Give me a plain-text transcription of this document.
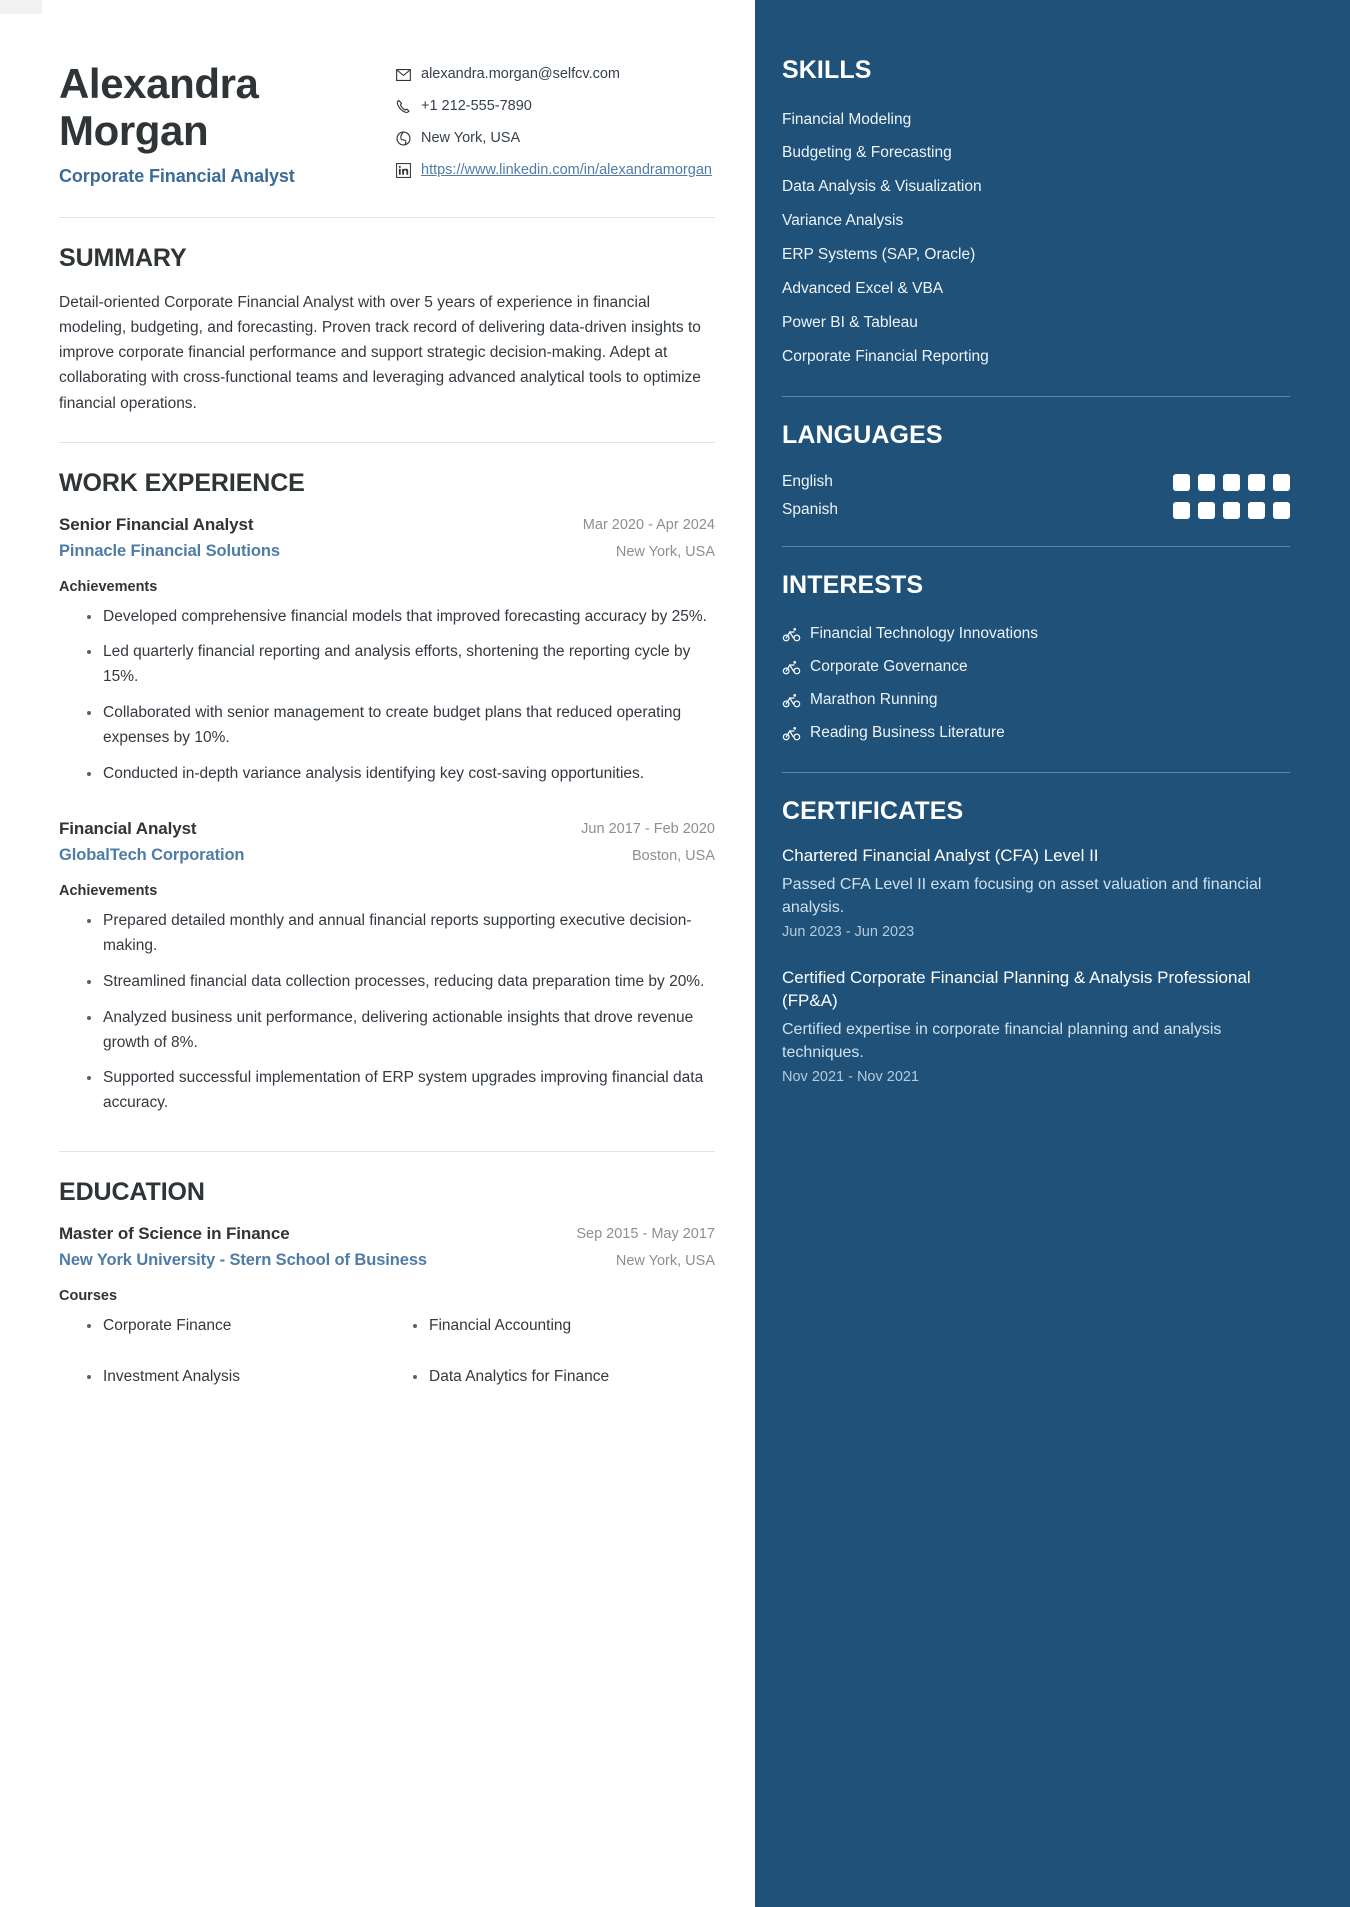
Alexandra
Morgan
Corporate Financial Analyst
alexandra.morgan@selfcv.com
+1 212-555-7890
New York, USA
https://www.linkedin.com/in/alexandramorgan
SUMMARY
Detail-oriented Corporate Financial Analyst with over 5 years of experience in financial modeling, budgeting, and forecasting. Proven track record of delivering data-driven insights to improve corporate financial performance and support strategic decision-making. Adept at collaborating with cross-functional teams and leveraging advanced analytical tools to optimize financial operations.
WORK EXPERIENCE
Senior Financial Analyst
Pinnacle Financial Solutions
Mar 2020 - Apr 2024
New York, USA
Achievements
Developed comprehensive financial models that improved forecasting accuracy by 25%.
Led quarterly financial reporting and analysis efforts, shortening the reporting cycle by 15%.
Collaborated with senior management to create budget plans that reduced operating expenses by 10%.
Conducted in-depth variance analysis identifying key cost-saving opportunities.
Financial Analyst
GlobalTech Corporation
Jun 2017 - Feb 2020
Boston, USA
Achievements
Prepared detailed monthly and annual financial reports supporting executive decision-making.
Streamlined financial data collection processes, reducing data preparation time by 20%.
Analyzed business unit performance, delivering actionable insights that drove revenue growth of 8%.
Supported successful implementation of ERP system upgrades improving financial data accuracy.
EDUCATION
Master of Science in Finance
New York University - Stern School of Business
Sep 2015 - May 2017
New York, USA
Courses
Corporate Finance	Financial Accounting
Investment Analysis	Data Analytics for Finance
SKILLS
Financial Modeling
Budgeting & Forecasting
Data Analysis & Visualization
Variance Analysis
ERP Systems (SAP, Oracle)
Advanced Excel & VBA
Power BI & Tableau
Corporate Financial Reporting
LANGUAGES
English
Spanish
INTERESTS
Financial Technology Innovations
Corporate Governance
Marathon Running
Reading Business Literature
CERTIFICATES
Chartered Financial Analyst (CFA) Level II
Passed CFA Level II exam focusing on asset valuation and financial analysis.
Jun 2023 - Jun 2023
Certified Corporate Financial Planning & Analysis Professional (FP&A)
Certified expertise in corporate financial planning and analysis techniques.
Nov 2021 - Nov 2021
